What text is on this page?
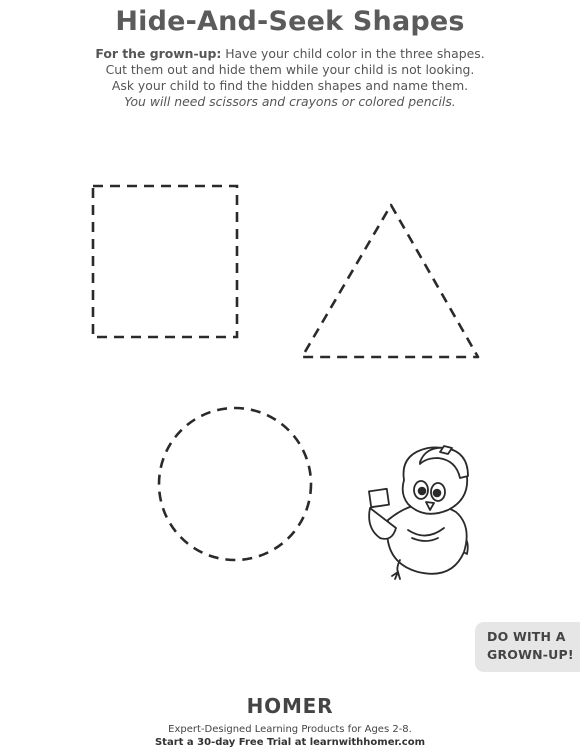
Hide-And-Seek Shapes
For the grown-up: Have your child color in the three shapes.
Cut them out and hide them while your child is not looking.
Ask your child to find the hidden shapes and name them.
You will need scissors and crayons or colored pencils.
DO WITH A
GROWN-UP!
HOMER
Expert-Designed Learning Products for Ages 2-8.
Start a 30-day Free Trial at learnwithhomer.com
